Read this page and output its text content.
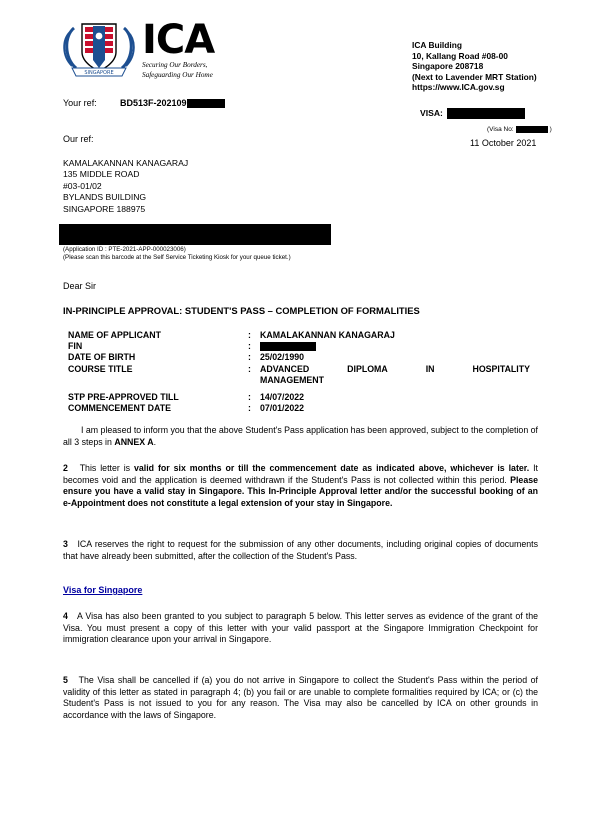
SINGAPORE
ICA
Securing Our Borders,
Safeguarding Our Home
ICA Building
10, Kallang Road #08-00
Singapore 208718
(Next to Lavender MRT Station)
https://www.ICA.gov.sg
Your ref:	BD513F-202109
VISA:
(Visa No:	)
Our ref:	11 October 2021
KAMALAKANNAN KANAGARAJ
135 MIDDLE ROAD
#03-01/02
BYLANDS BUILDING
SINGAPORE 188975
(Application ID : PTE-2021-APP-000023006)
(Please scan this barcode at the Self Service Ticketing Kiosk for your queue ticket.)
Dear Sir
IN-PRINCIPLE APPROVAL: STUDENT'S PASS – COMPLETION OF FORMALITIES
NAME OF APPLICANT	:	KAMALAKANNAN KANAGARAJ
FIN	:
DATE OF BIRTH	:	25/02/1990
COURSE TITLE	:	ADVANCED	DIPLOMA	IN	HOSPITALITY
MANAGEMENT
STP PRE-APPROVED TILL	:	14/07/2022
COMMENCEMENT DATE	:	07/01/2022
I am pleased to inform you that the above Student's Pass application has been approved, subject to the completion of all 3 steps in ANNEX A.
2 This letter is valid for six months or till the commencement date as indicated above, whichever is later. It becomes void and the application is deemed withdrawn if the Student's Pass is not collected within this period. Please ensure you have a valid stay in Singapore. This In-Principle Approval letter and/or the successful booking of an e-Appointment does not constitute a legal extension of your stay in Singapore.
3 ICA reserves the right to request for the submission of any other documents, including original copies of documents that have already been submitted, after the collection of the Student's Pass.
Visa for Singapore
4 A Visa has also been granted to you subject to paragraph 5 below. This letter serves as evidence of the grant of the Visa. You must present a copy of this letter with your valid passport at the Singapore Immigration Checkpoint for immigration clearance upon your arrival in Singapore.
5 The Visa shall be cancelled if (a) you do not arrive in Singapore to collect the Student's Pass within the period of validity of this letter as stated in paragraph 4; (b) you fail or are unable to complete formalities required by ICA; or (c) the Student's Pass is not issued to you for any reason. The Visa may also be cancelled by ICA on other grounds in accordance with the laws of Singapore.
